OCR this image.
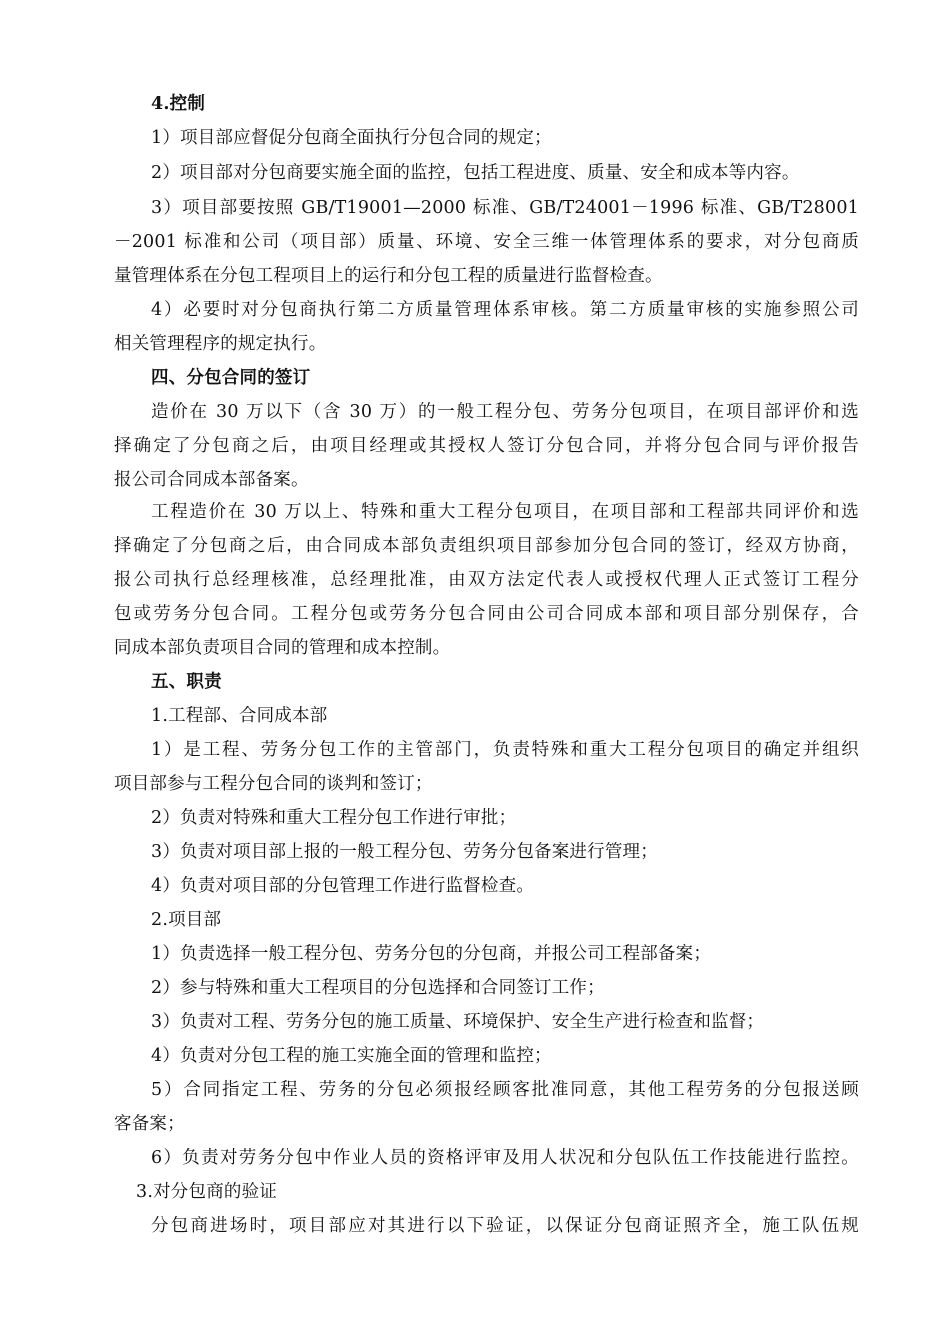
4.控制
1）项目部应督促分包商全面执行分包合同的规定；
2）项目部对分包商要实施全面的监控，包括工程进度、质量、安全和成本等内容。
3）项目部要按照 GB/T19001—2000 标准、GB/T24001－1996 标准、GB/T28001
－2001 标准和公司（项目部）质量、环境、安全三维一体管理体系的要求，对分包商质
量管理体系在分包工程项目上的运行和分包工程的质量进行监督检查。
4）必要时对分包商执行第二方质量管理体系审核。第二方质量审核的实施参照公司
相关管理程序的规定执行。
四、分包合同的签订
造价在 30 万以下（含 30 万）的一般工程分包、劳务分包项目，在项目部评价和选
择确定了分包商之后，由项目经理或其授权人签订分包合同，并将分包合同与评价报告
报公司合同成本部备案。
工程造价在 30 万以上、特殊和重大工程分包项目，在项目部和工程部共同评价和选
择确定了分包商之后，由合同成本部负责组织项目部参加分包合同的签订，经双方协商，
报公司执行总经理核准，总经理批准，由双方法定代表人或授权代理人正式签订工程分
包或劳务分包合同。工程分包或劳务分包合同由公司合同成本部和项目部分别保存，合
同成本部负责项目合同的管理和成本控制。
五、职责
1.工程部、合同成本部
1）是工程、劳务分包工作的主管部门，负责特殊和重大工程分包项目的确定并组织
项目部参与工程分包合同的谈判和签订；
2）负责对特殊和重大工程分包工作进行审批；
3）负责对项目部上报的一般工程分包、劳务分包备案进行管理；
4）负责对项目部的分包管理工作进行监督检查。
2.项目部
1）负责选择一般工程分包、劳务分包的分包商，并报公司工程部备案；
2）参与特殊和重大工程项目的分包选择和合同签订工作；
3）负责对工程、劳务分包的施工质量、环境保护、安全生产进行检查和监督；
4）负责对分包工程的施工实施全面的管理和监控；
5）合同指定工程、劳务的分包必须报经顾客批准同意，其他工程劳务的分包报送顾
客备案；
6）负责对劳务分包中作业人员的资格评审及用人状况和分包队伍工作技能进行监控。
3.对分包商的验证
分包商进场时，项目部应对其进行以下验证，以保证分包商证照齐全，施工队伍规
